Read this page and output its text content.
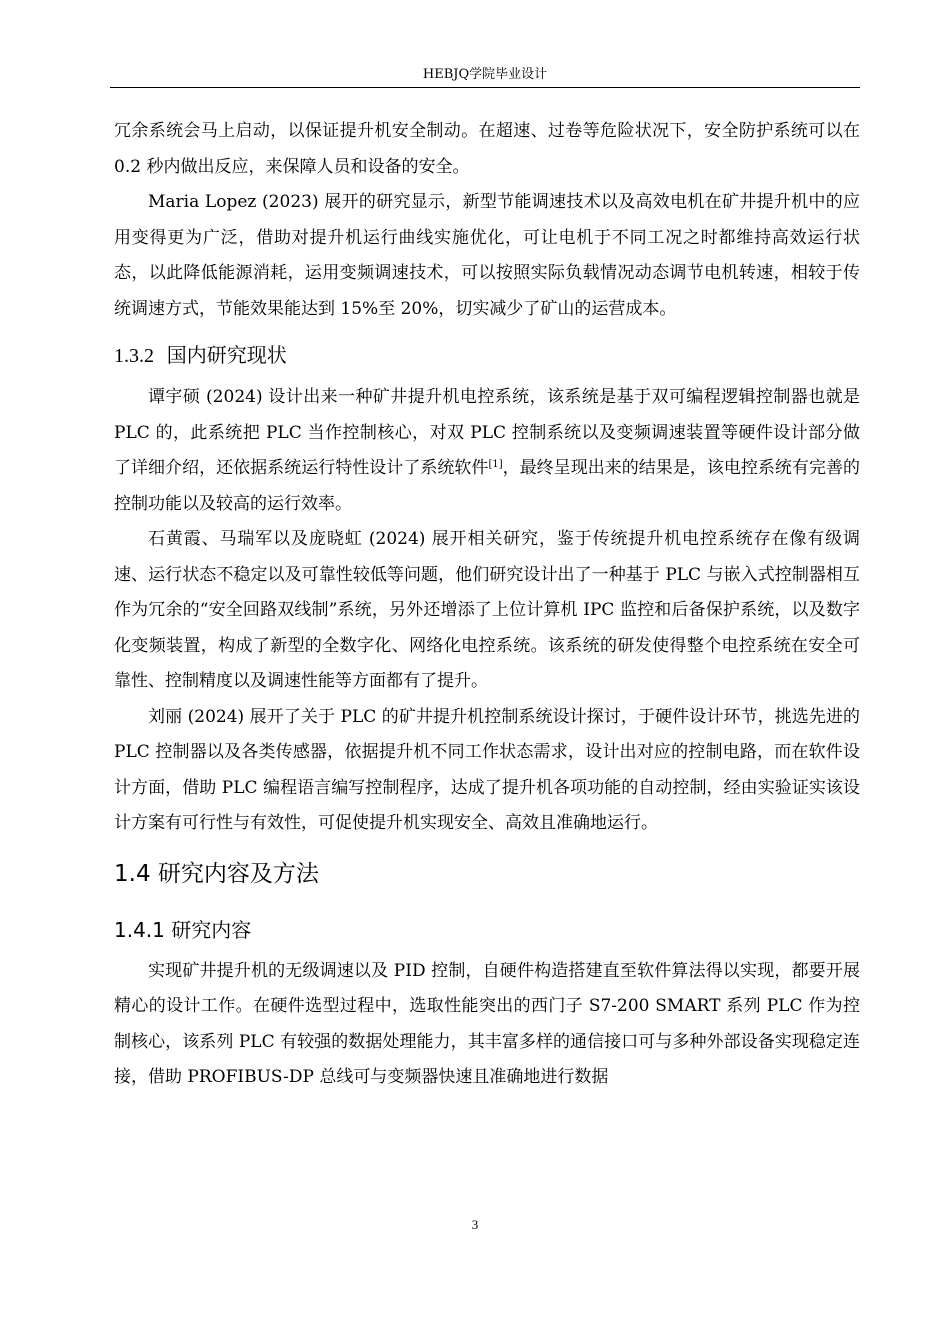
HEBJQ学院毕业设计

冗余系统会马上启动，以保证提升机安全制动。在超速、过卷等危险状况下，安全防护系统可以在 0.2 秒内做出反应，来保障人员和设备的安全。

Maria Lopez (2023) 展开的研究显示，新型节能调速技术以及高效电机在矿井提升机中的应用变得更为广泛，借助对提升机运行曲线实施优化，可让电机于不同工况之时都维持高效运行状态，以此降低能源消耗，运用变频调速技术，可以按照实际负载情况动态调节电机转速，相较于传统调速方式，节能效果能达到 15%至 20%，切实减少了矿山的运营成本。

1.3.2 国内研究现状

谭宇硕 (2024) 设计出来一种矿井提升机电控系统，该系统是基于双可编程逻辑控制器也就是 PLC 的，此系统把 PLC 当作控制核心，对双 PLC 控制系统以及变频调速装置等硬件设计部分做了详细介绍，还依据系统运行特性设计了系统软件[1]，最终呈现出来的结果是，该电控系统有完善的控制功能以及较高的运行效率。

石黄霞、马瑞军以及庞晓虹 (2024) 展开相关研究，鉴于传统提升机电控系统存在像有级调速、运行状态不稳定以及可靠性较低等问题，他们研究设计出了一种基于 PLC 与嵌入式控制器相互作为冗余的“安全回路双线制”系统，另外还增添了上位计算机 IPC 监控和后备保护系统，以及数字化变频装置，构成了新型的全数字化、网络化电控系统。该系统的研发使得整个电控系统在安全可靠性、控制精度以及调速性能等方面都有了提升。

刘丽 (2024) 展开了关于 PLC 的矿井提升机控制系统设计探讨，于硬件设计环节，挑选先进的 PLC 控制器以及各类传感器，依据提升机不同工作状态需求，设计出对应的控制电路，而在软件设计方面，借助 PLC 编程语言编写控制程序，达成了提升机各项功能的自动控制，经由实验证实该设计方案有可行性与有效性，可促使提升机实现安全、高效且准确地运行。

1.4 研究内容及方法
1.4.1 研究内容

实现矿井提升机的无级调速以及 PID 控制，自硬件构造搭建直至软件算法得以实现，都要开展精心的设计工作。在硬件选型过程中，选取性能突出的西门子 S7-200 SMART 系列 PLC 作为控制核心，该系列 PLC 有较强的数据处理能力，其丰富多样的通信接口可与多种外部设备实现稳定连接，借助 PROFIBUS-DP 总线可与变频器快速且准确地进行数据

3
